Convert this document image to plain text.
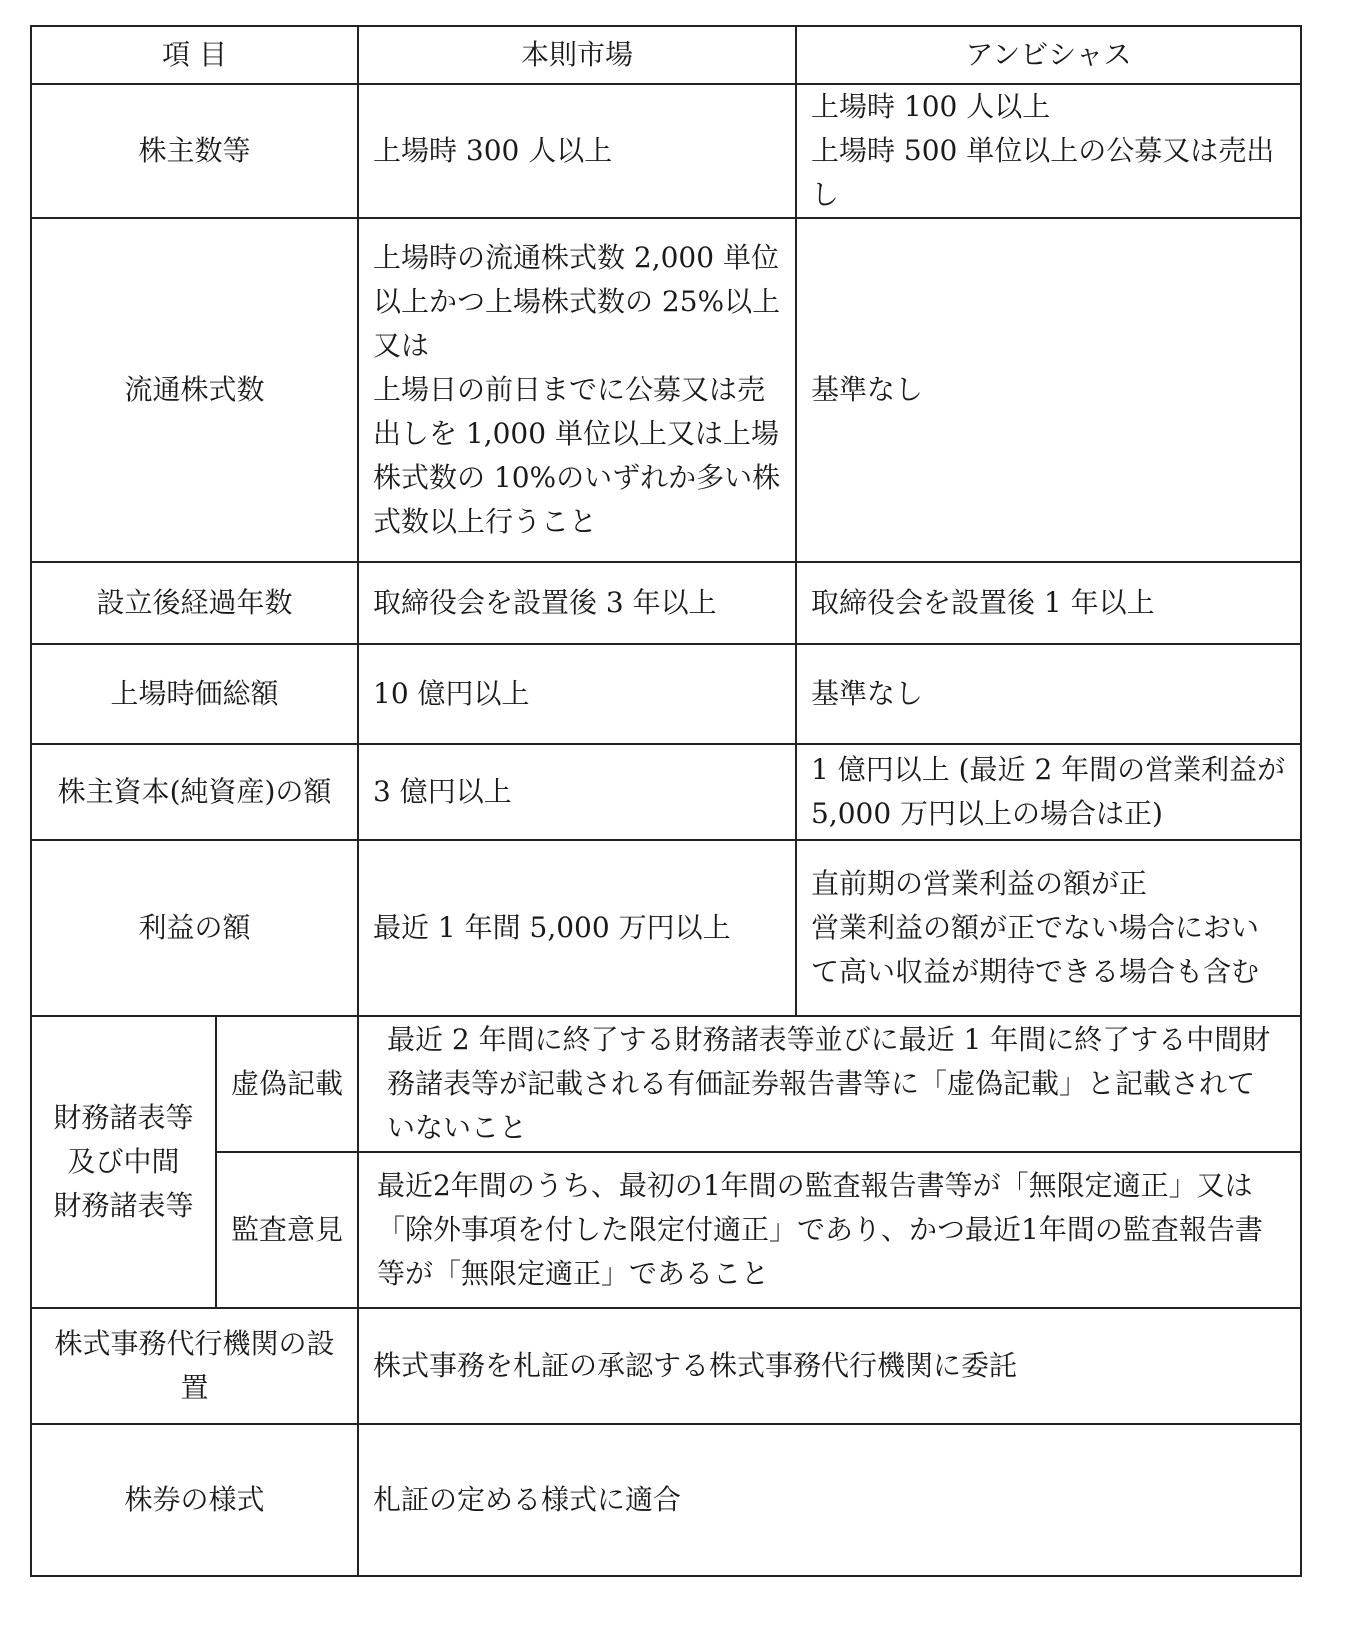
項 目		本則市場	アンビシャス
株主数等		上場時 300 人以上	上場時 100 人以上
上場時 500 単位以上の公募又は売出し
流通株式数		上場時の流通株式数 2,000 単位以上かつ上場株式数の 25%以上
又は
上場日の前日までに公募又は売出しを 1,000 単位以上又は上場株式数の 10%のいずれか多い株式数以上行うこと	基準なし
設立後経過年数		取締役会を設置後 3 年以上	取締役会を設置後 1 年以上
上場時価総額		10 億円以上	基準なし
株主資本(純資産)の額		3 億円以上	1 億円以上 (最近 2 年間の営業利益が 5,000 万円以上の場合は正)
利益の額		最近 1 年間 5,000 万円以上	直前期の営業利益の額が正
営業利益の額が正でない場合において高い収益が期待できる場合も含む
財務諸表等
及び中間
財務諸表等	虚偽記載	最近 2 年間に終了する財務諸表等並びに最近 1 年間に終了する中間財務諸表等が記載される有価証券報告書等に「虚偽記載」と記載されていないこと	
	監査意見	最近2年間のうち、最初の1年間の監査報告書等が「無限定適正」又は「除外事項を付した限定付適正」であり、かつ最近1年間の監査報告書等が「無限定適正」であること	
株式事務代行機関の設置		株式事務を札証の承認する株式事務代行機関に委託	
株券の様式		札証の定める様式に適合	
